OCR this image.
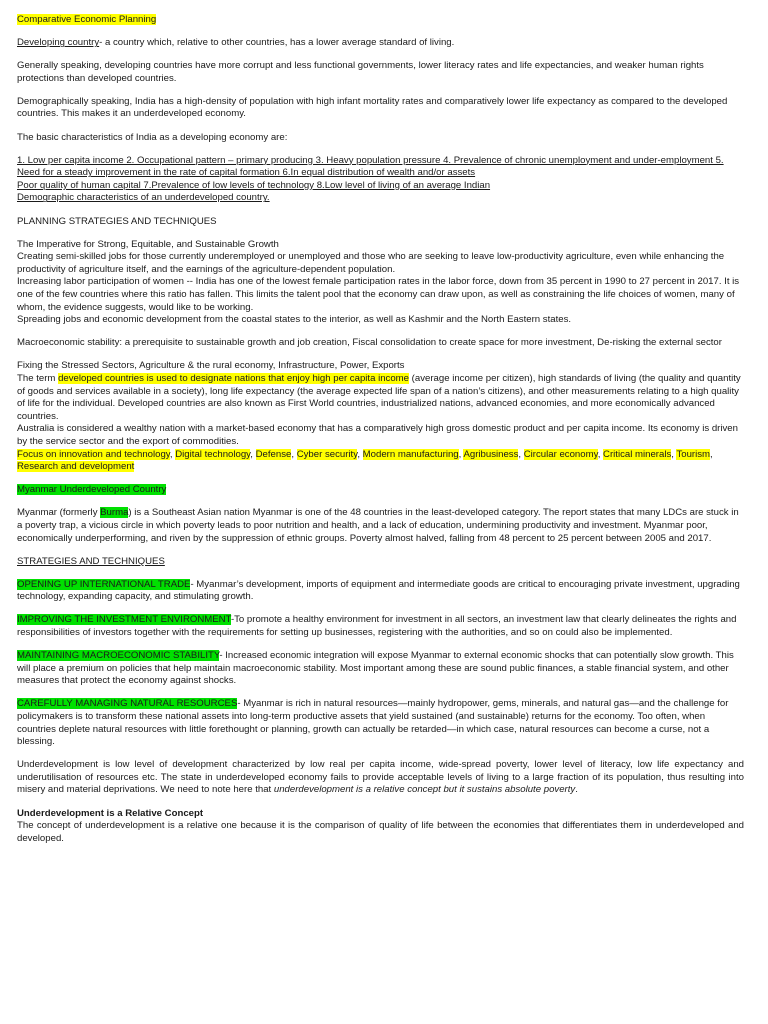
Comparative Economic Planning

Developing country- a country which, relative to other countries, has a lower average standard of living.

Generally speaking, developing countries have more corrupt and less functional governments, lower literacy rates and life expectancies, and weaker human rights protections than developed countries.

Demographically speaking, India has a high-density of population with high infant mortality rates and comparatively lower life expectancy as compared to the developed countries. This makes it an underdeveloped economy.

The basic characteristics of India as a developing economy are:

1. Low per capita income 2. Occupational pattern – primary producing 3. Heavy population pressure 4. Prevalence of chronic unemployment and under-employment 5. Need for a steady improvement in the rate of capital formation 6.In equal distribution of wealth and/or assets
Poor quality of human capital 7.Prevalence of low levels of technology 8.Low level of living of an average Indian
Demographic characteristics of an underdeveloped country.

PLANNING STRATEGIES AND TECHNIQUES

The Imperative for Strong, Equitable, and Sustainable Growth
Creating semi-skilled jobs for those currently underemployed or unemployed and those who are seeking to leave low-productivity agriculture, even while enhancing the productivity of agriculture itself, and the earnings of the agriculture-dependent population.
Increasing labor participation of women -- India has one of the lowest female participation rates in the labor force, down from 35 percent in 1990 to 27 percent in 2017. It is one of the few countries where this ratio has fallen. This limits the talent pool that the economy can draw upon, as well as constraining the life choices of women, many of whom, the evidence suggests, would like to be working.
Spreading jobs and economic development from the coastal states to the interior, as well as Kashmir and the North Eastern states.

Macroeconomic stability: a prerequisite to sustainable growth and job creation, Fiscal consolidation to create space for more investment, De-risking the external sector

Fixing the Stressed Sectors, Agriculture & the rural economy, Infrastructure, Power, Exports
The term developed countries is used to designate nations that enjoy high per capita income (average income per citizen), high standards of living (the quality and quantity of goods and services available in a society), long life expectancy (the average expected life span of a nation’s citizens), and other measurements relating to a high quality of life for the individual. Developed countries are also known as First World countries, industrialized nations, advanced economies, and more economically advanced countries.
Australia is considered a wealthy nation with a market-based economy that has a comparatively high gross domestic product and per capita income. Its economy is driven by the service sector and the export of commodities.
Focus on innovation and technology, Digital technology, Defense, Cyber security, Modern manufacturing, Agribusiness, Circular economy, Critical minerals, Tourism, Research and development

Myanmar Underdeveloped Country

Myanmar (formerly Burma) is a Southeast Asian nation Myanmar is one of the 48 countries in the least-developed category. The report states that many LDCs are stuck in a poverty trap, a vicious circle in which poverty leads to poor nutrition and health, and a lack of education, undermining productivity and investment. Myanmar poor, economically underperforming, and riven by the suppression of ethnic groups. Poverty almost halved, falling from 48 percent to 25 percent between 2005 and 2017.

STRATEGIES AND TECHNIQUES

OPENING UP INTERNATIONAL TRADE- Myanmar’s development, imports of equipment and intermediate goods are critical to encouraging private investment, upgrading technology, expanding capacity, and stimulating growth.

IMPROVING THE INVESTMENT ENVIRONMENT-To promote a healthy environment for investment in all sectors, an investment law that clearly delineates the rights and responsibilities of investors together with the requirements for setting up businesses, registering with the authorities, and so on could also be implemented.

MAINTAINING MACROECONOMIC STABILITY- Increased economic integration will expose Myanmar to external economic shocks that can potentially slow growth. This will place a premium on policies that help maintain macroeconomic stability. Most important among these are sound public finances, a stable financial system, and other measures that protect the economy against shocks.

CAREFULLY MANAGING NATURAL RESOURCES- Myanmar is rich in natural resources—mainly hydropower, gems, minerals, and natural gas—and the challenge for policymakers is to transform these national assets into long-term productive assets that yield sustained (and sustainable) returns for the economy. Too often, when countries deplete natural resources with little forethought or planning, growth can actually be retarded—in which case, natural resources can become a curse, not a blessing.

Underdevelopment is low level of development characterized by low real per capita income, wide-spread poverty, lower level of literacy, low life expectancy and underutilisation of resources etc. The state in underdeveloped economy fails to provide acceptable levels of living to a large fraction of its population, thus resulting into misery and material deprivations. We need to note here that underdevelopment is a relative concept but it sustains absolute poverty.

Underdevelopment is a Relative Concept
The concept of underdevelopment is a relative one because it is the comparison of quality of life between the economies that differentiates them in underdeveloped and developed.
